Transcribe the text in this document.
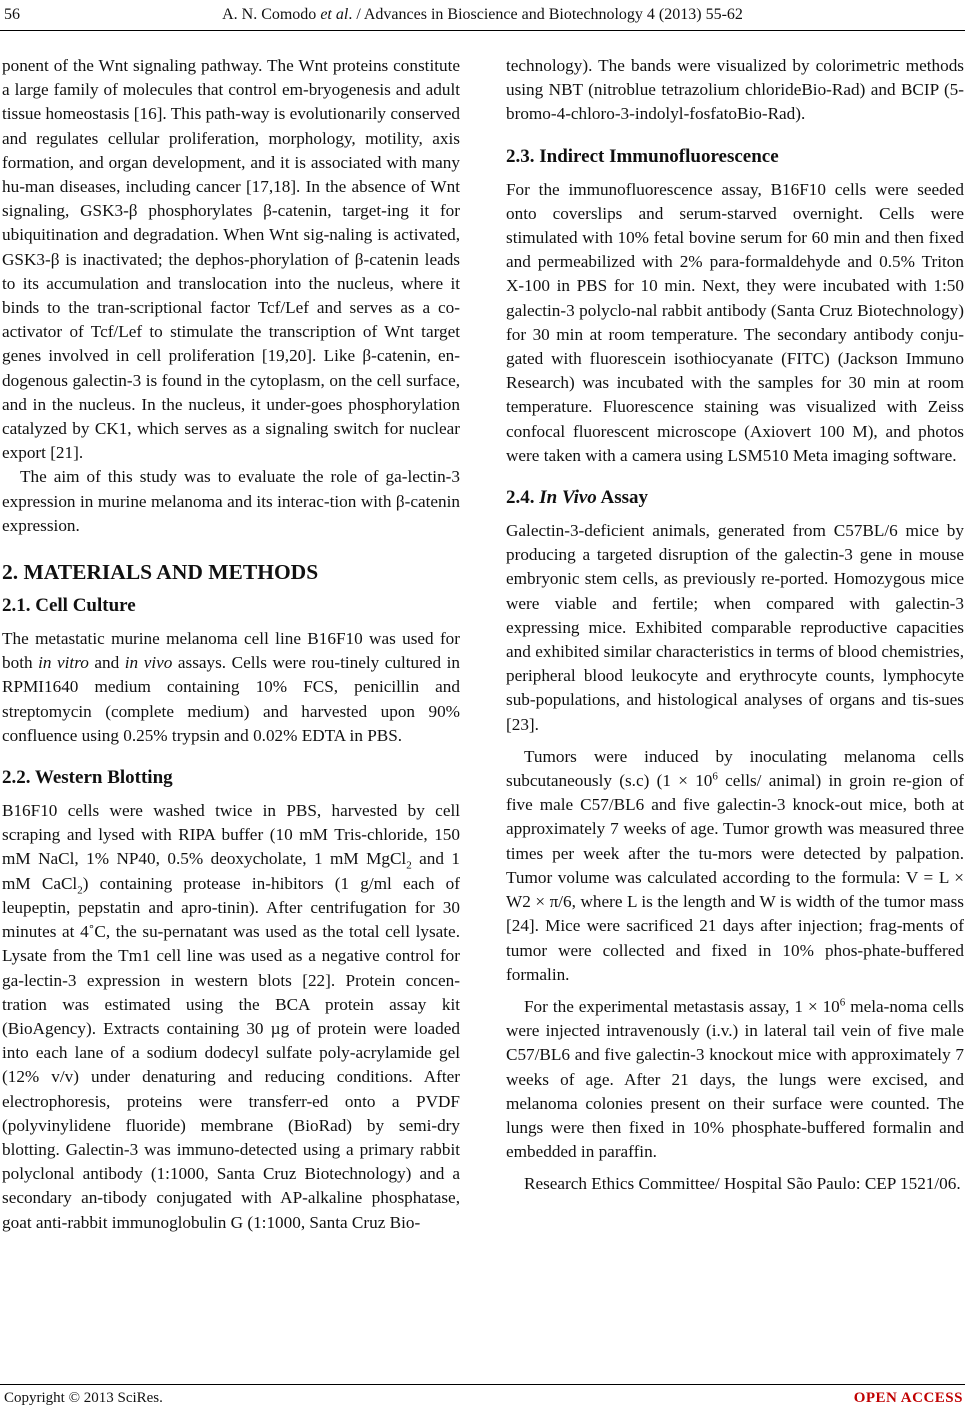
56	A. N. Comodo et al. / Advances in Bioscience and Biotechnology 4 (2013) 55-62

ponent of the Wnt signaling pathway. The Wnt proteins constitute a large family of molecules that control em-bryogenesis and adult tissue homeostasis [16]. This path-way is evolutionarily conserved and regulates cellular proliferation, morphology, motility, axis formation, and organ development, and it is associated with many hu-man diseases, including cancer [17,18]. In the absence of Wnt signaling, GSK3-β phosphorylates β-catenin, target-ing it for ubiquitination and degradation. When Wnt sig-naling is activated, GSK3-β is inactivated; the dephos-phorylation of β-catenin leads to its accumulation and translocation into the nucleus, where it binds to the tran-scriptional factor Tcf/Lef and serves as a co-activator of Tcf/Lef to stimulate the transcription of Wnt target genes involved in cell proliferation [19,20]. Like β-catenin, en-dogenous galectin-3 is found in the cytoplasm, on the cell surface, and in the nucleus. In the nucleus, it under-goes phosphorylation catalyzed by CK1, which serves as a signaling switch for nuclear export [21].

The aim of this study was to evaluate the role of ga-lectin-3 expression in murine melanoma and its interac-tion with β-catenin expression.

2. MATERIALS AND METHODS
2.1. Cell Culture

The metastatic murine melanoma cell line B16F10 was used for both in vitro and in vivo assays. Cells were rou-tinely cultured in RPMI1640 medium containing 10% FCS, penicillin and streptomycin (complete medium) and harvested upon 90% confluence using 0.25% trypsin and 0.02% EDTA in PBS.

2.2. Western Blotting

B16F10 cells were washed twice in PBS, harvested by cell scraping and lysed with RIPA buffer (10 mM Tris-chloride, 150 mM NaCl, 1% NP40, 0.5% deoxycholate, 1 mM MgCl$_2$ and 1 mM CaCl$_2$) containing protease in-hibitors (1 g/ml each of leupeptin, pepstatin and apro-tinin). After centrifugation for 30 minutes at 4˚C, the su-pernatant was used as the total cell lysate. Lysate from the Tm1 cell line was used as a negative control for ga-lectin-3 expression in western blots [22]. Protein concen-tration was estimated using the BCA protein assay kit (BioAgency). Extracts containing 30 µg of protein were loaded into each lane of a sodium dodecyl sulfate poly-acrylamide gel (12% v/v) under denaturing and reducing conditions. After electrophoresis, proteins were transferr-ed onto a PVDF (polyvinylidene fluoride) membrane (BioRad) by semi-dry blotting. Galectin-3 was immuno-detected using a primary rabbit polyclonal antibody (1:1000, Santa Cruz Biotechnology) and a secondary an-tibody conjugated with AP-alkaline phosphatase, goat anti-rabbit immunoglobulin G (1:1000, Santa Cruz Bio-

technology). The bands were visualized by colorimetric methods using NBT (nitroblue tetrazolium chlorideBio-Rad) and BCIP (5-bromo-4-chloro-3-indolyl-fosfatoBio-Rad).

2.3. Indirect Immunofluorescence

For the immunofluorescence assay, B16F10 cells were seeded onto coverslips and serum-starved overnight. Cells were stimulated with 10% fetal bovine serum for 60 min and then fixed and permeabilized with 2% para-formaldehyde and 0.5% Triton X-100 in PBS for 10 min. Next, they were incubated with 1:50 galectin-3 polyclo-nal rabbit antibody (Santa Cruz Biotechnology) for 30 min at room temperature. The secondary antibody conju-gated with fluorescein isothiocyanate (FITC) (Jackson Immuno Research) was incubated with the samples for 30 min at room temperature. Fluorescence staining was visualized with Zeiss confocal fluorescent microscope (Axiovert 100 M), and photos were taken with a camera using LSM510 Meta imaging software.

2.4. In Vivo Assay

Galectin-3-deficient animals, generated from C57BL/6 mice by producing a targeted disruption of the galectin-3 gene in mouse embryonic stem cells, as previously re-ported. Homozygous mice were viable and fertile; when compared with galectin-3 expressing mice. Exhibited comparable reproductive capacities and exhibited similar characteristics in terms of blood chemistries, peripheral blood leukocyte and erythrocyte counts, lymphocyte sub-populations, and histological analyses of organs and tis-sues [23].

Tumors were induced by inoculating melanoma cells subcutaneously (s.c) ($1 \times 10^6$ cells/ animal) in groin re-gion of five male C57/BL6 and five galectin-3 knock-out mice, both at approximately 7 weeks of age. Tumor growth was measured three times per week after the tu-mors were detected by palpation. Tumor volume was calculated according to the formula: V = L × W2 × π/6, where L is the length and W is width of the tumor mass [24]. Mice were sacrificed 21 days after injection; frag-ments of tumor were collected and fixed in 10% phos-phate-buffered formalin.

For the experimental metastasis assay, $1 \times 10^6$ mela-noma cells were injected intravenously (i.v.) in lateral tail vein of five male C57/BL6 and five galectin-3 knockout mice with approximately 7 weeks of age. After 21 days, the lungs were excised, and melanoma colonies present on their surface were counted. The lungs were then fixed in 10% phosphate-buffered formalin and embedded in paraffin.

Research Ethics Committee/ Hospital São Paulo: CEP 1521/06.

Copyright © 2013 SciRes.	OPEN ACCESS
